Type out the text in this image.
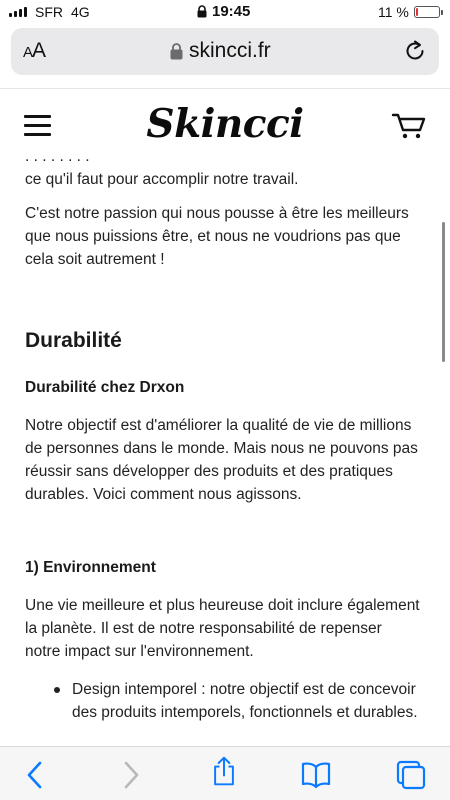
SFR 4G	19:45	11 %
AA	skincci.fr
Skincci
. . . . . . . .

ce qu'il faut pour accomplir notre travail.

C'est notre passion qui nous pousse à être les meilleurs que nous puissions être, et nous ne voudrions pas que cela soit autrement !

Durabilité
Durabilité chez Drxon

Notre objectif est d'améliorer la qualité de vie de millions de personnes dans le monde. Mais nous ne pouvons pas réussir sans développer des produits et des pratiques durables. Voici comment nous agissons.

1) Environnement

Une vie meilleure et plus heureuse doit inclure également la planète. Il est de notre responsabilité de repenser notre impact sur l'environnement.

Design intemporel : notre objectif est de concevoir des produits intemporels, fonctionnels et durables.
